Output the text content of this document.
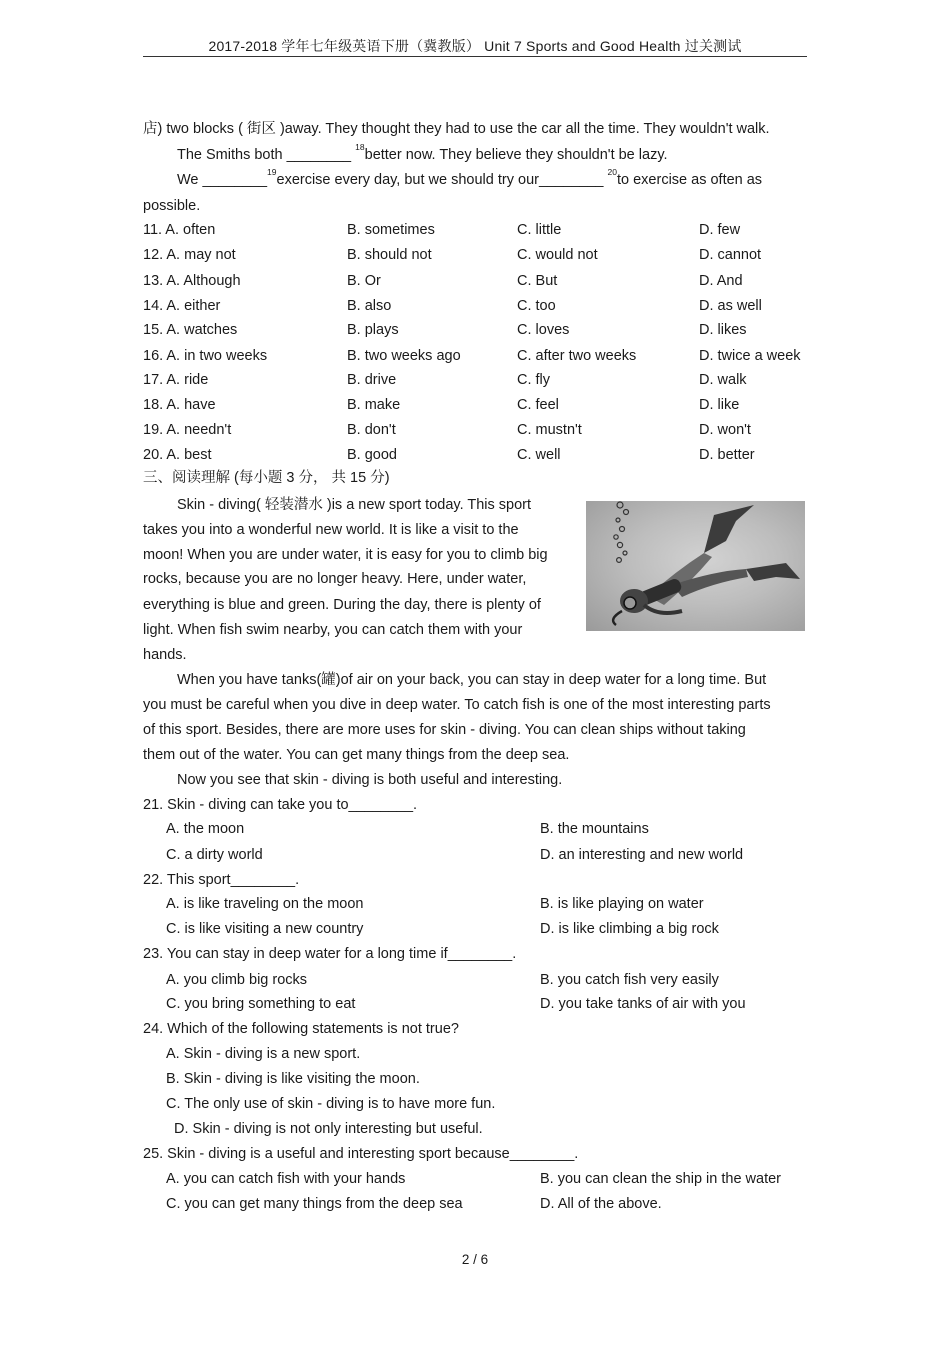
2017-2018 学年七年级英语下册（冀教版） Unit 7 Sports and Good Health 过关测试
店) two blocks ( 街区 )away. They thought they had to use the car all the time. They wouldn't walk.
The Smiths both ________ $^{18}$better now. They believe they shouldn't be lazy.
We ________$^{19}$exercise every day, but we should try our________ $^{20}$to exercise as often as
possible.
11. A. often	B. sometimes	C. little	D. few
12. A. may not	B. should not	C. would not	D. cannot
13. A. Although	B. Or	C. But	D. And
14. A. either	B. also	C. too	D. as well
15. A. watches	B. plays	C. loves	D. likes
16. A. in two weeks	B. two weeks ago	C. after two weeks	D. twice a week
17. A. ride	B. drive	C. fly	D. walk
18. A. have	B. make	C. feel	D. like
19. A. needn't	B. don't	C. mustn't	D. won't
20. A. best	B. good	C. well	D. better
三、阅读理解 (每小题 3 分， 共 15 分)
Skin - diving( 轻装潜水 )is a new sport today. This sport
takes you into a wonderful new world. It is like a visit to the
moon! When you are under water, it is easy for you to climb big
rocks, because you are no longer heavy. Here, under water,
everything is blue and green. During the day, there is plenty of
light. When fish swim nearby, you can catch them with your
hands.
When you have tanks(罐)of air on your back, you can stay in deep water for a long time. But
you must be careful when you dive in deep water. To catch fish is one of the most interesting parts
of this sport. Besides, there are more uses for skin - diving. You can clean ships without taking
them out of the water. You can get many things from the deep sea.
Now you see that skin - diving is both useful and interesting.
21. Skin - diving can take you to________.
A. the moon	B. the mountains
C. a dirty world	D. an interesting and new world
22. This sport________.
A. is like traveling on the moon	B. is like playing on water
C. is like visiting a new country	D. is like climbing a big rock
23. You can stay in deep water for a long time if________.
A. you climb big rocks	B. you catch fish very easily
C. you bring something to eat	D. you take tanks of air with you
24. Which of the following statements is not true?
A. Skin - diving is a new sport.
B. Skin - diving is like visiting the moon.
C. The only use of skin - diving is to have more fun.
D. Skin - diving is not only interesting but useful.
25. Skin - diving is a useful and interesting sport because________.
A. you can catch fish with your hands	B. you can clean the ship in the water
C. you can get many things from the deep sea	D. All of the above.
2 / 6
